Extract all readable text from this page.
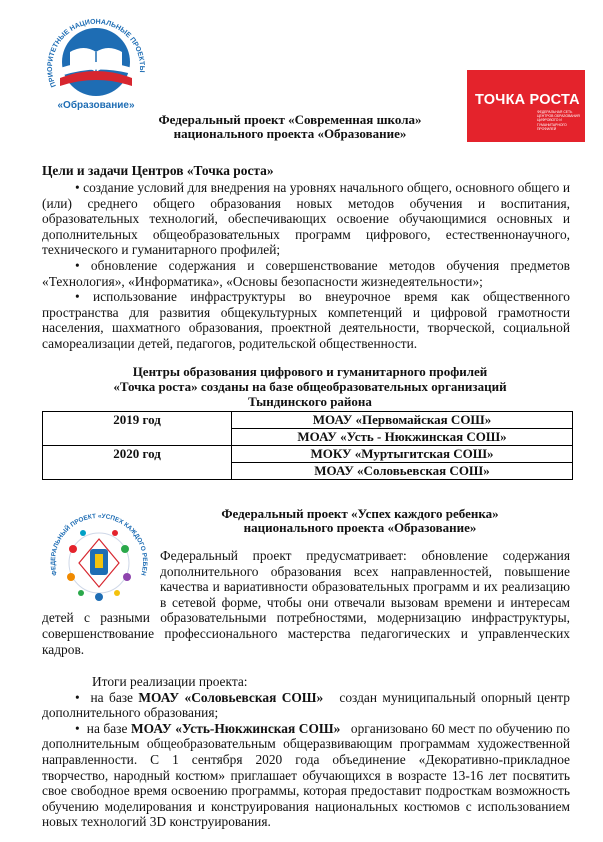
ПРИОРИТЕТНЫЕ НАЦИОНАЛЬНЫЕ ПРОЕКТЫ
«Образование»	ТОЧКА РОСТА
ФЕДЕРАЛЬНАЯ СЕТЬ ЦЕНТРОВ ОБРАЗОВАНИЯ ЦИФРОВОГО И ГУМАНИТАРНОГО ПРОФИЛЕЙ
Федеральный проект «Современная школа»
национального проекта «Образование»
Цели и задачи Центров «Точка роста»
• создание условий для внедрения на уровнях начального общего, основного общего и (или) среднего общего образования новых методов обучения и воспитания, образовательных технологий, обеспечивающих освоение обучающимися основных и дополнительных общеобразовательных программ цифрового, естественнонаучного, технического и гуманитарного профилей;
• обновление содержания и совершенствование методов обучения предметов «Технология», «Информатика», «Основы безопасности жизнедеятельности»;
• использование инфраструктуры во внеурочное время как общественного пространства для развития общекультурных компетенций и цифровой грамотности населения, шахматного образования, проектной деятельности, творческой, социальной самореализации детей, педагогов, родительской общественности.
Центры образования цифрового и гуманитарного профилей
«Точка роста» созданы на базе общеобразовательных организаций
Тындинского района
2019 год	МОАУ «Первомайская СОШ»
	МОАУ «Усть - Нюкжинская СОШ»
2020 год	МОКУ «Муртыгитская СОШ»
	МОАУ «Соловьевская СОШ»
ФЕДЕРАЛЬНЫЙ ПРОЕКТ «УСПЕХ КАЖДОГО РЕБЕН
Федеральный проект «Успех каждого ребенка»
национального проекта «Образование»
Федеральный проект предусматривает: обновление содержания дополнительного образования всех направленностей, повышение качества и вариативности образовательных программ и их реализацию в сетевой форме, чтобы они отвечали вызовам времени и интересам детей с разными образовательными потребностями, модернизацию инфраструктуры, совершенствование профессионального мастерства педагогических и управленческих кадров.
Итоги реализации проекта:
•  на базе МОАУ «Соловьевская СОШ» создан муниципальный опорный центр дополнительного образования;
•  на базе МОАУ «Усть-Нюкжинская СОШ» организовано 60 мест по обучению по дополнительным общеобразовательным общеразвивающим программам художественной направленности. С 1 сентября 2020 года объединение «Декоративно-прикладное творчество, народный костюм» приглашает обучающихся в возрасте 13-16 лет посвятить свое свободное время освоению программы, которая предоставит подросткам возможность обучению моделирования и конструирования национальных костюмов с использованием новых технологий 3D конструирования.
